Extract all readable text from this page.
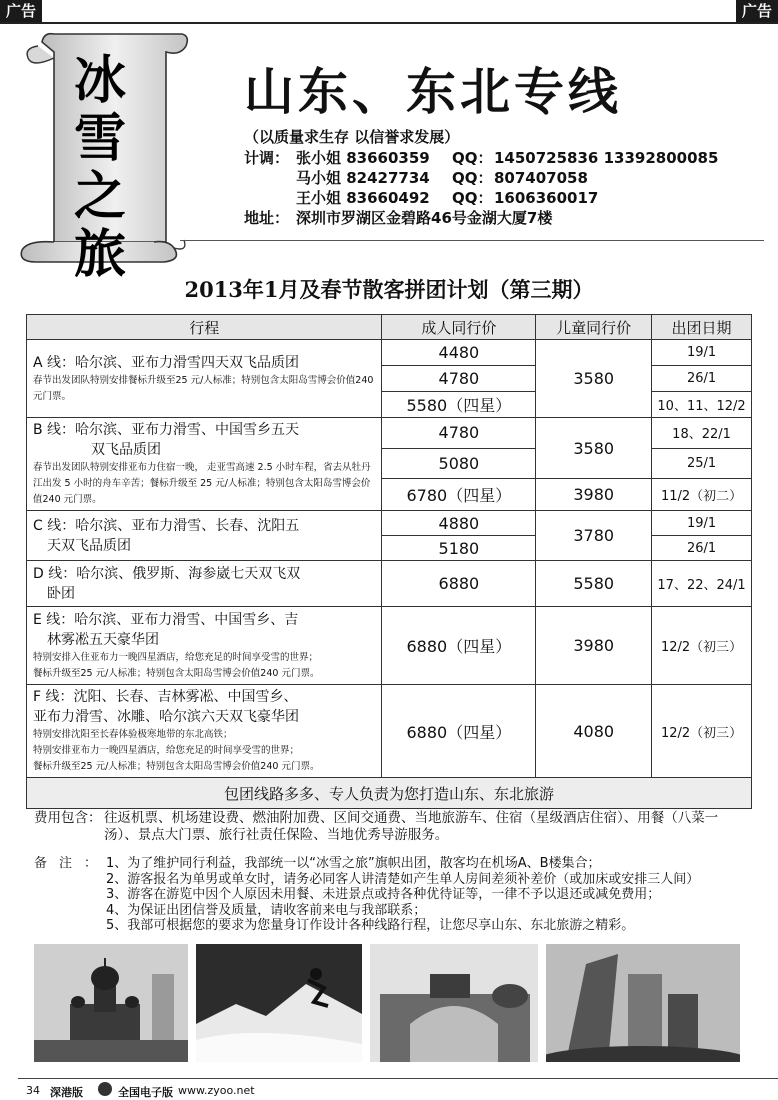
广告	广告
冰
雪
之
旅
山东、东北专线
（以质量求生存 以信誉求发展）
计调： 张小姐 83660359 QQ： 1450725836 13392800085
马小姐 82427734 QQ： 807407058
王小姐 83660492 QQ： 1606360017
地址： 深圳市罗湖区金碧路46号金湖大厦7楼
2013年1月及春节散客拼团计划（第三期）
行程	成人同行价	儿童同行价	出团日期

A 线：哈尔滨、亚布力滑雪四天双飞品质团
春节出发团队特别安排餐标升级至25 元/人标准；特别包含太阳岛雪博会价值240 元门票。	4480	3580	19/1
	4780		26/1
	5580（四星）		10、11、12/2

B 线：哈尔滨、亚布力滑雪、中国雪乡五天
双飞品质团
春节出发团队特别安排亚布力住宿一晚， 走亚雪高速 2.5 小时车程，省去从牡丹江出发 5 小时的舟车辛苦；餐标升级至 25 元/人标准；特别包含太阳岛雪博会价值240 元门票。	4780	3580	18、22/1
	5080		25/1
	6780（四星）	3980	11/2（初二）

C 线：哈尔滨、亚布力滑雪、长春、沈阳五
天双飞品质团	4880	3780	19/1
	5180		26/1

D 线：哈尔滨、俄罗斯、海参崴七天双飞双
卧团	6880	5580	17、22、24/1

E 线：哈尔滨、亚布力滑雪、中国雪乡、吉
林雾凇五天豪华团
特别安排入住亚布力一晚四星酒店，给您充足的时间享受雪的世界；
餐标升级至25 元/人标准；特别包含太阳岛雪博会价值240 元门票。	6880（四星）	3980	12/2（初三）

F 线：沈阳、长春、吉林雾凇、中国雪乡、
亚布力滑雪、冰雕、哈尔滨六天双飞豪华团
特别安排沈阳至长春体验极寒地带的东北高铁；
特别安排亚布力一晚四星酒店，给您充足的时间享受雪的世界；
餐标升级至25 元/人标准；特别包含太阳岛雪博会价值240 元门票。	6880（四星）	4080	12/2（初三）
包团线路多多、专人负责为您打造山东、东北旅游			
费用包含： 往返机票、机场建设费、燃油附加费、区间交通费、当地旅游车、住宿（星级酒店住宿）、用餐（八菜一汤）、景点大门票、旅行社责任保险、当地优秀导游服务。
备注：
1、为了维护同行利益，我部统一以“冰雪之旅”旗帜出团，散客均在机场A、B楼集合；
2、游客报名为单男或单女时，请务必同客人讲清楚如产生单人房间差须补差价（或加床或安排三人间）
3、游客在游览中因个人原因未用餐、未进景点或持各种优待证等，一律不予以退还或减免费用；
4、为保证出团信誉及质量，请收客前来电与我部联系；
5、我部可根据您的要求为您量身订作设计各种线路行程，让您尽享山东、东北旅游之精彩。
34 深港版	全国电子版 www.zyoo.net
